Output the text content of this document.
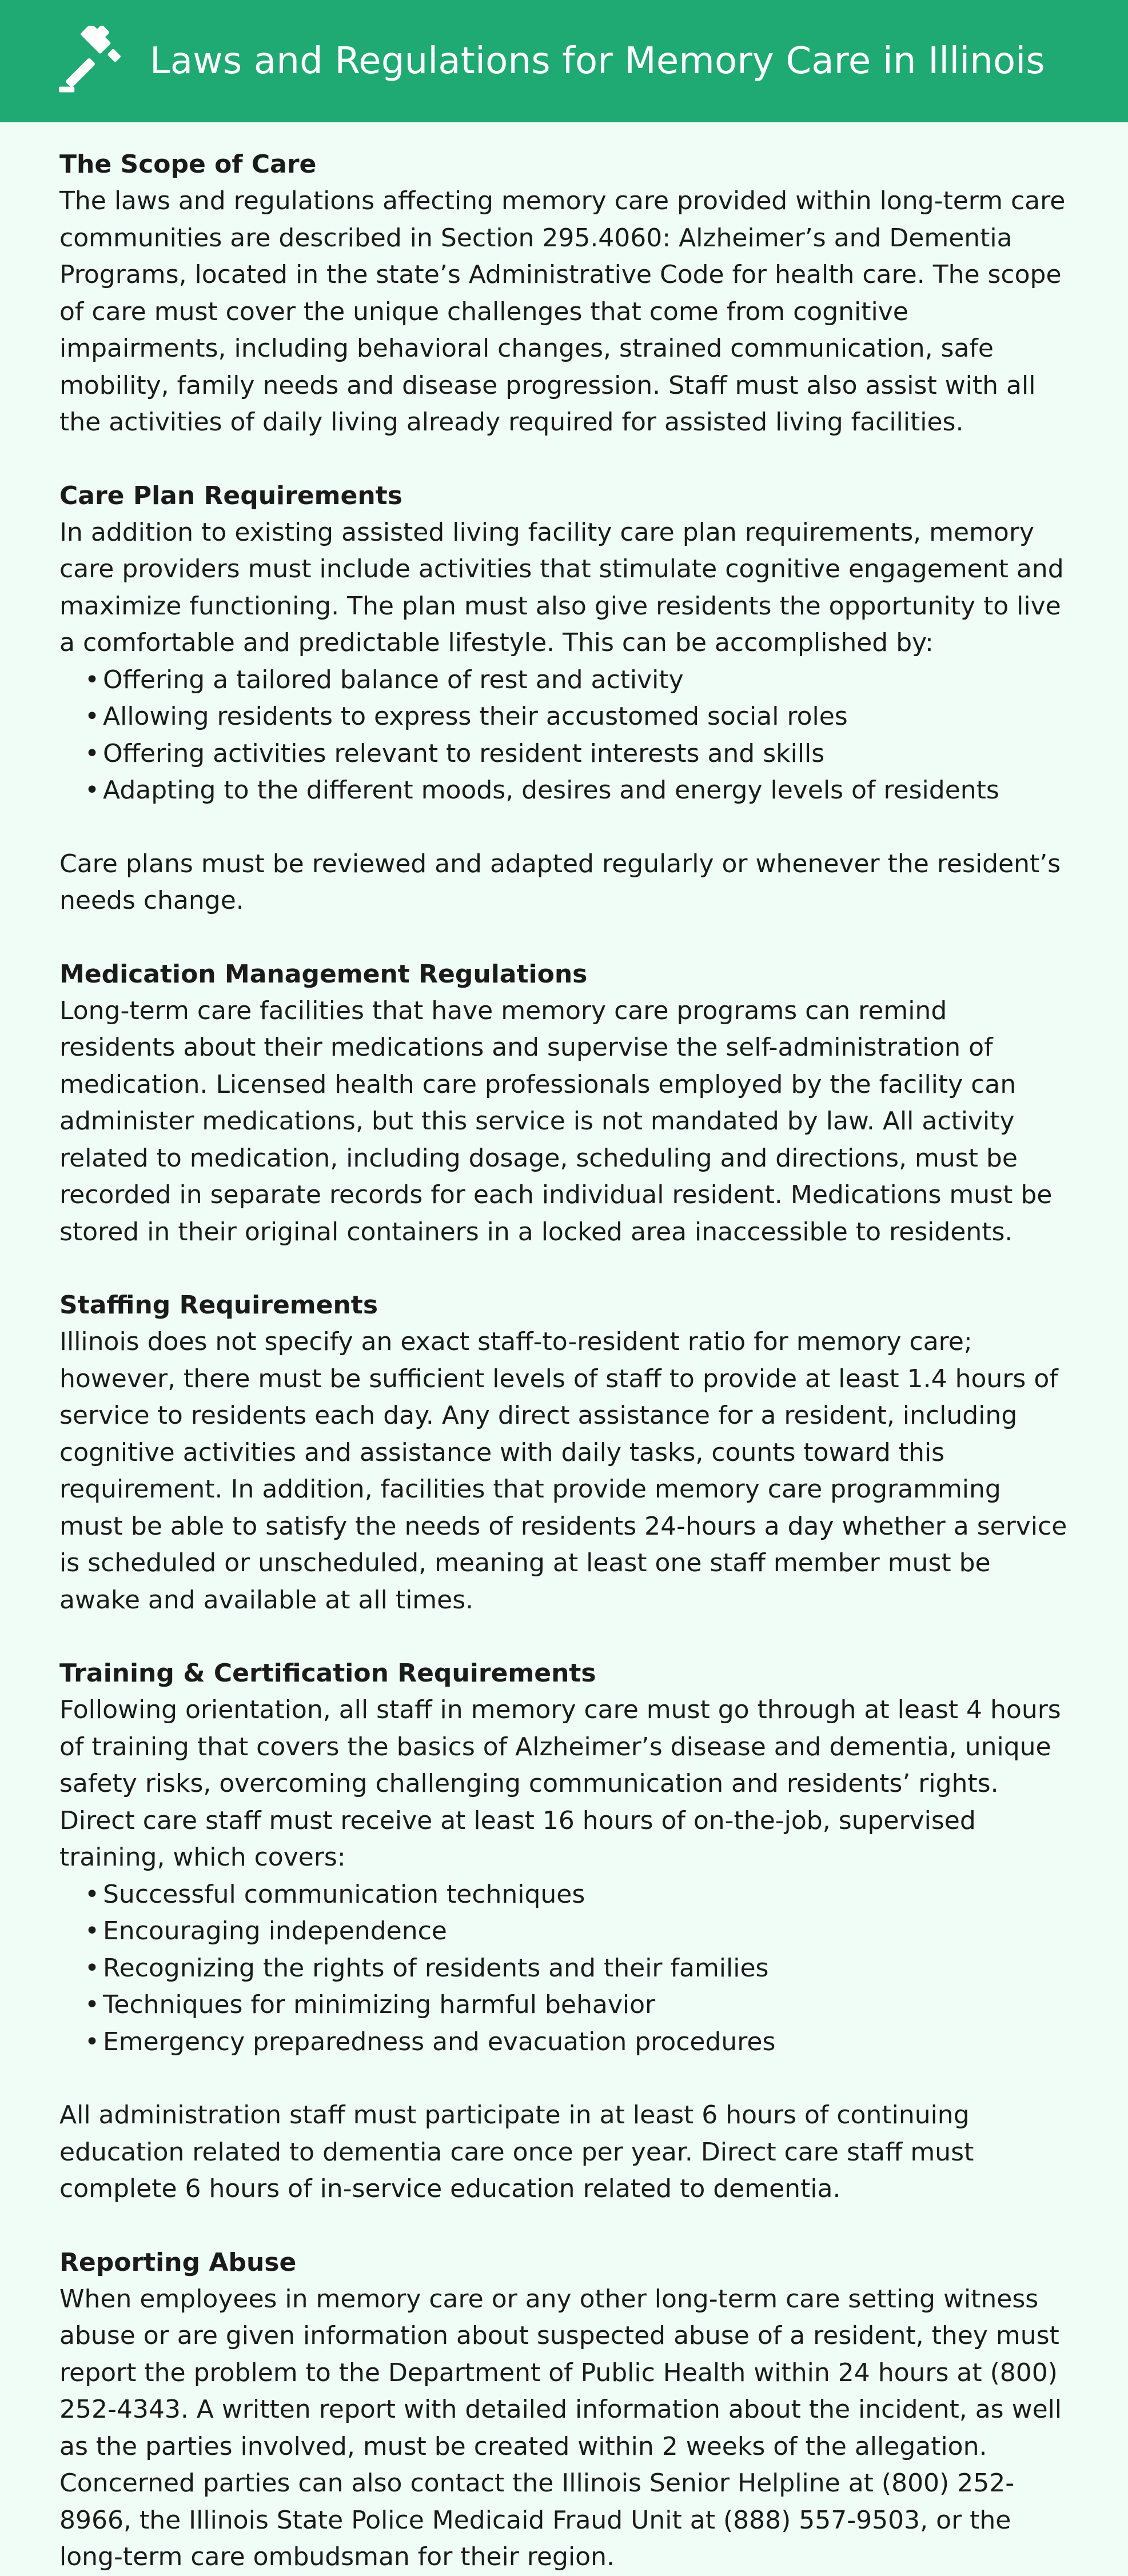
Laws and Regulations for Memory Care in Illinois
The Scope of Care

The laws and regulations affecting memory care provided within long-term care communities are described in Section 295.4060: Alzheimer’s and Dementia Programs, located in the state’s Administrative Code for health care. The scope of care must cover the unique challenges that come from cognitive impairments, including behavioral changes, strained communication, safe mobility, family needs and disease progression. Staff must also assist with all the activities of daily living already required for assisted living facilities.

Care Plan Requirements

In addition to existing assisted living facility care plan requirements, memory care providers must include activities that stimulate cognitive engagement and maximize functioning. The plan must also give residents the opportunity to live a comfortable and predictable lifestyle. This can be accomplished by:

• Offering a tailored balance of rest and activity
• Allowing residents to express their accustomed social roles
• Offering activities relevant to resident interests and skills
• Adapting to the different moods, desires and energy levels of residents

Care plans must be reviewed and adapted regularly or whenever the resident’s needs change.

Medication Management Regulations

Long-term care facilities that have memory care programs can remind residents about their medications and supervise the self-administration of medication. Licensed health care professionals employed by the facility can administer medications, but this service is not mandated by law. All activity related to medication, including dosage, scheduling and directions, must be recorded in separate records for each individual resident. Medications must be stored in their original containers in a locked area inaccessible to residents.

Staffing Requirements

Illinois does not specify an exact staff-to-resident ratio for memory care; however, there must be sufficient levels of staff to provide at least 1.4 hours of service to residents each day. Any direct assistance for a resident, including cognitive activities and assistance with daily tasks, counts toward this requirement. In addition, facilities that provide memory care programming must be able to satisfy the needs of residents 24-hours a day whether a service is scheduled or unscheduled, meaning at least one staff member must be awake and available at all times.

Training & Certification Requirements

Following orientation, all staff in memory care must go through at least 4 hours of training that covers the basics of Alzheimer’s disease and dementia, unique safety risks, overcoming challenging communication and residents’ rights. Direct care staff must receive at least 16 hours of on-the-job, supervised training, which covers:

• Successful communication techniques
• Encouraging independence
• Recognizing the rights of residents and their families
• Techniques for minimizing harmful behavior
• Emergency preparedness and evacuation procedures

All administration staff must participate in at least 6 hours of continuing education related to dementia care once per year. Direct care staff must complete 6 hours of in-service education related to dementia.

Reporting Abuse

When employees in memory care or any other long-term care setting witness abuse or are given information about suspected abuse of a resident, they must report the problem to the Department of Public Health within 24 hours at (800) 252-4343. A written report with detailed information about the incident, as well as the parties involved, must be created within 2 weeks of the allegation. Concerned parties can also contact the Illinois Senior Helpline at (800) 252-8966, the Illinois State Police Medicaid Fraud Unit at (888) 557-9503, or the long-term care ombudsman for their region.
